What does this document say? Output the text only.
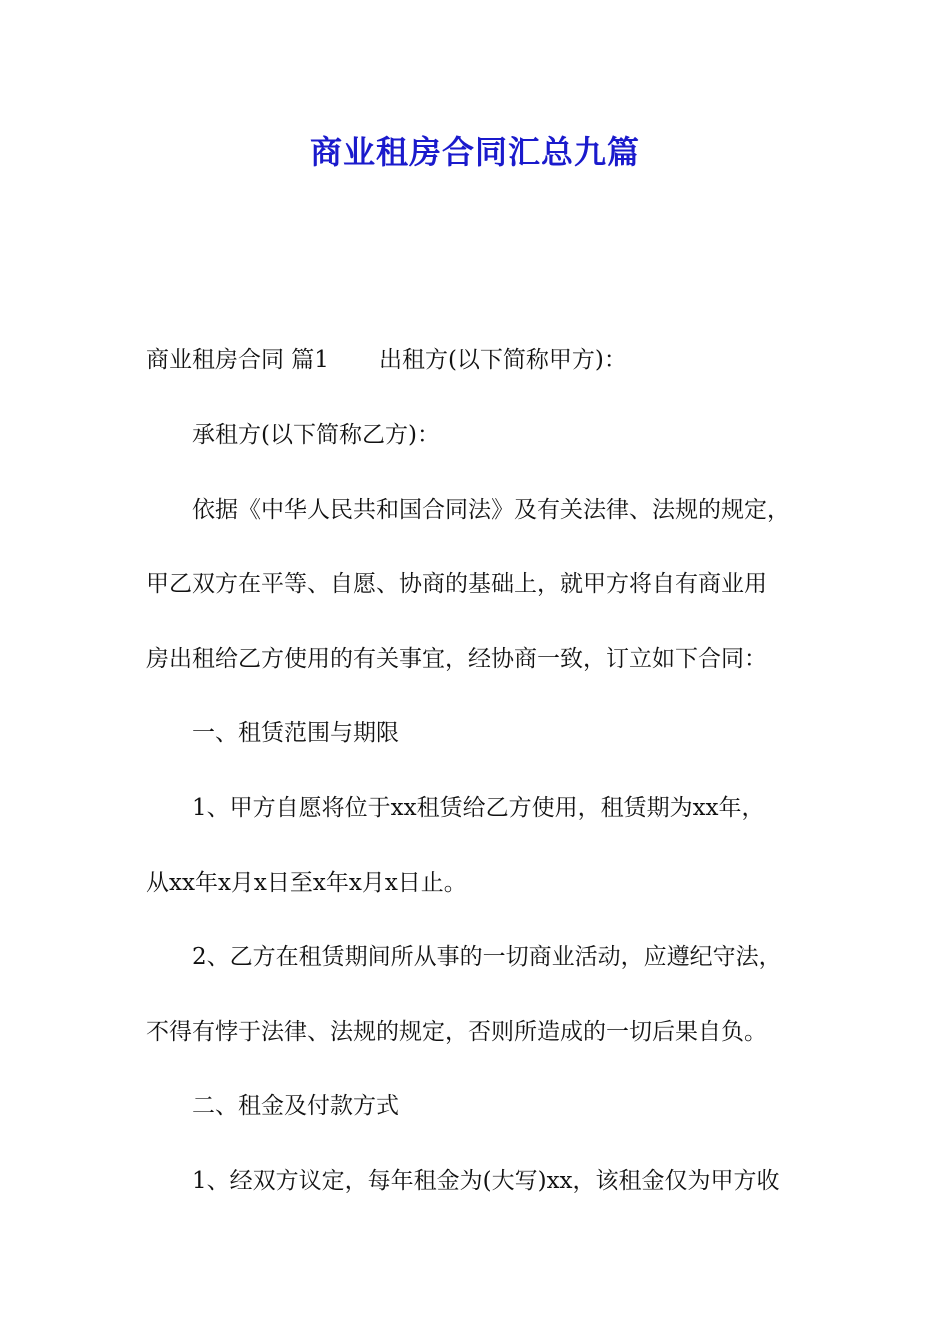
商业租房合同汇总九篇

商业租房合同 篇1 出租方(以下简称甲方)：

承租方(以下简称乙方)：

依据《中华人民共和国合同法》及有关法律、法规的规定，

甲乙双方在平等、自愿、协商的基础上，就甲方将自有商业用

房出租给乙方使用的有关事宜，经协商一致，订立如下合同：

一、租赁范围与期限

1、甲方自愿将位于xx租赁给乙方使用，租赁期为xx年，

从xx年x月x日至x年x月x日止。

2、乙方在租赁期间所从事的一切商业活动，应遵纪守法，

不得有悖于法律、法规的规定，否则所造成的一切后果自负。

二、租金及付款方式

1、经双方议定，每年租金为(大写)xx，该租金仅为甲方收
